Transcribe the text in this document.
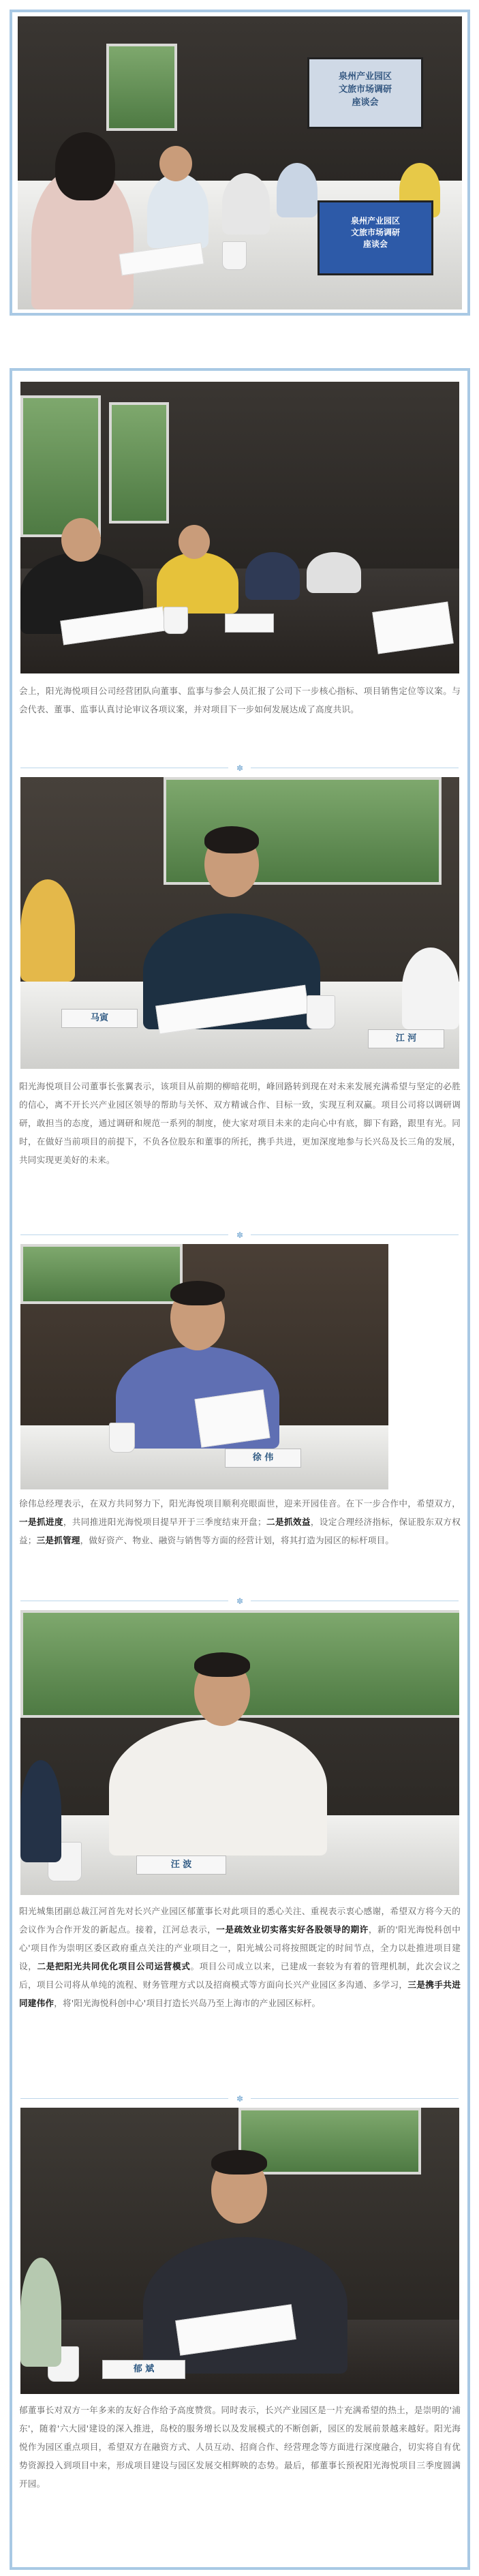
泉州产业园区
文旅市场调研
座谈会
泉州产业园区
文旅市场调研
座谈会
会上，阳光海悦项目公司经营团队向董事、监事与参会人员汇报了公司下一步核心指标、项目销售定位等议案。与会代表、董事、监事认真讨论审议各项议案，并对项目下一步如何发展达成了高度共识。
✽
马寅
江 河
阳光海悦项目公司董事长张翼表示，该项目从前期的柳暗花明，峰回路转到现在对未来发展充满希望与坚定的必胜的信心，离不开长兴产业园区领导的帮助与关怀、双方精诚合作、目标一致，实现互利双赢。项目公司将以调研调研，敢担当的态度，通过调研和规范一系列的制度，使大家对项目未来的走向心中有底，脚下有路，跟里有光。同时，在做好当前项目的前提下，不负各位股东和董事的所托，携手共进，更加深度地参与长兴岛及长三角的发展，共同实现更美好的未来。
✽
徐 伟
徐伟总经理表示，在双方共同努力下，阳光海悦项目顺利亮眼面世，迎来开园佳音。在下一步合作中，希望双方，一是抓进度，共同推进阳光海悦项目提早开于三季度结束开盘；二是抓效益，设定合理经济指标，保证股东双方权益；三是抓管理，做好资产、物业、融资与销售等方面的经营计划，将其打造为园区的标杆项目。
✽
汪 波
阳光城集团副总裁江河首先对长兴产业园区郁董事长对此项目的悉心关注、重视表示衷心感谢，希望双方将今天的会议作为合作开发的新起点。接着，江河总表示，一是疏效业切实落实好各股领导的期许，新的'阳光海悦科创中心'项目作为崇明区委区政府重点关注的产业项目之一，阳光城公司将按照既定的时间节点，全力以赴推进项目建设，二是把阳光共同优化项目公司运营模式。项目公司成立以来，已建成一套较为有着的管理机制，此次会议之后，项目公司将从单纯的流程、财务管理方式以及招商模式等方面向长兴产业园区多沟通、多学习，三是携手共进同建伟作，将'阳光海悦科创中心'项目打造长兴岛乃至上海市的产业园区标杆。
✽
郁 斌
郁董事长对双方一年多来的友好合作给予高度赞赏。同时表示，长兴产业园区是一片充满希望的热土，是崇明的'浦东'，随着'六大园'建设的深入推进，岛校的服务增长以及发展模式的不断创新，园区的发展前景越来越好。阳光海悦作为园区重点项目，希望双方在融资方式、人员互动、招商合作、经营理念等方面进行深度融合，切实将自有优势资源投入到项目中来，形成项目建设与园区发展交相辉映的态势。最后，郁董事长预祝阳光海悦项目三季度圆满开园。
